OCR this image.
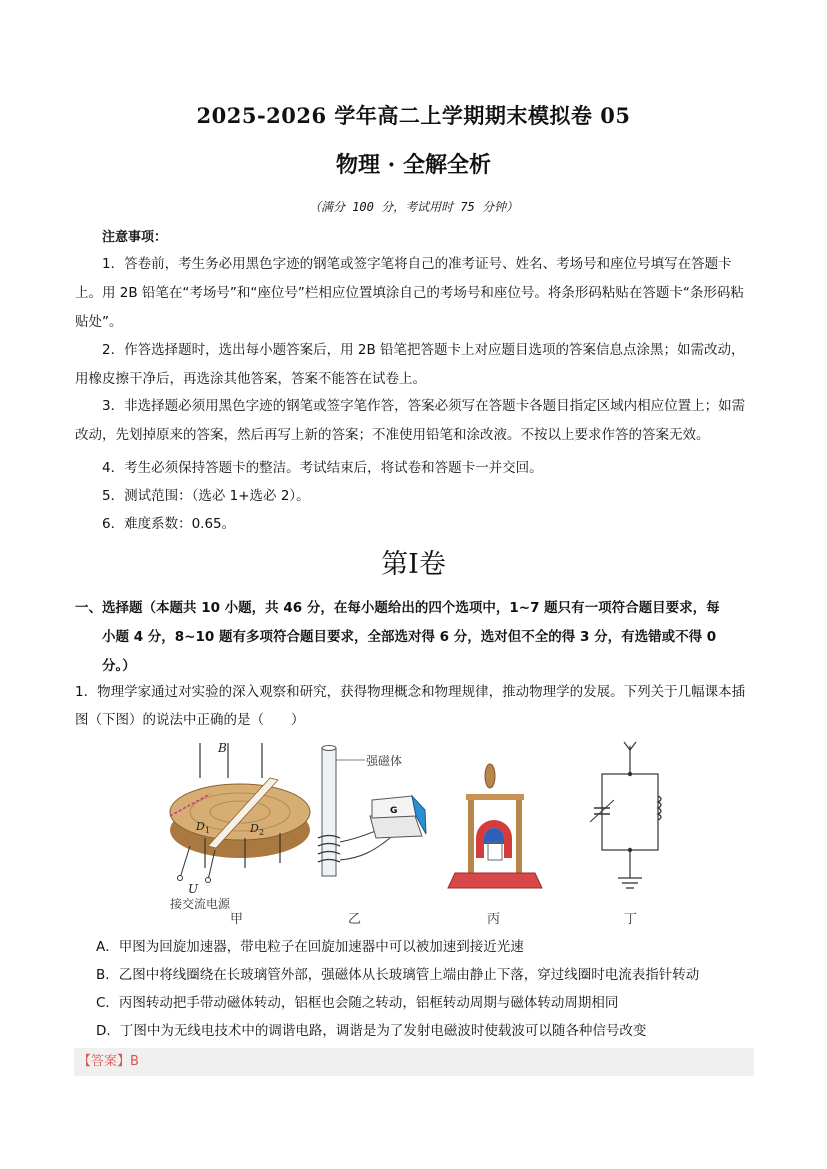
2025-2026 学年高二上学期期末模拟卷 05
物理 · 全解全析
（满分 100 分，考试用时 75 分钟）
注意事项：
1．答卷前，考生务必用黑色字迹的钢笔或签字笔将自己的准考证号、姓名、考场号和座位号填写在答题卡上。用 2B 铅笔在“考场号”和“座位号”栏相应位置填涂自己的考场号和座位号。将条形码粘贴在答题卡“条形码粘贴处”。
2．作答选择题时，选出每小题答案后，用 2B 铅笔把答题卡上对应题目选项的答案信息点涂黑；如需改动，用橡皮擦干净后，再选涂其他答案，答案不能答在试卷上。
3．非选择题必须用黑色字迹的钢笔或签字笔作答，答案必须写在答题卡各题目指定区域内相应位置上；如需改动，先划掉原来的答案，然后再写上新的答案；不准使用铅笔和涂改液。不按以上要求作答的答案无效。
4．考生必须保持答题卡的整洁。考试结束后，将试卷和答题卡一并交回。
5．测试范围：（选必 1+选必 2）。
6．难度系数：0.65。
第Ⅰ卷
一、选择题（本题共 10 小题，共 46 分，在每小题给出的四个选项中，1~7 题只有一项符合题目要求，每
小题 4 分，8~10 题有多项符合题目要求，全部选对得 6 分，选对但不全的得 3 分，有选错或不得 0
分。）
1．物理学家通过对实验的深入观察和研究，获得物理概念和物理规律，推动物理学的发展。下列关于几幅课本插图（下图）的说法中正确的是（　　）
B
D 1	D 2
U
接交流电源
甲
强磁体
G
乙	丙	丁
A．甲图为回旋加速器，带电粒子在回旋加速器中可以被加速到接近光速
B．乙图中将线圈绕在长玻璃管外部，强磁体从长玻璃管上端由静止下落，穿过线圈时电流表指针转动
C．丙图转动把手带动磁体转动，铝框也会随之转动，铝框转动周期与磁体转动周期相同
D．丁图中为无线电技术中的调谐电路，调谐是为了发射电磁波时使载波可以随各种信号改变
【答案】B
